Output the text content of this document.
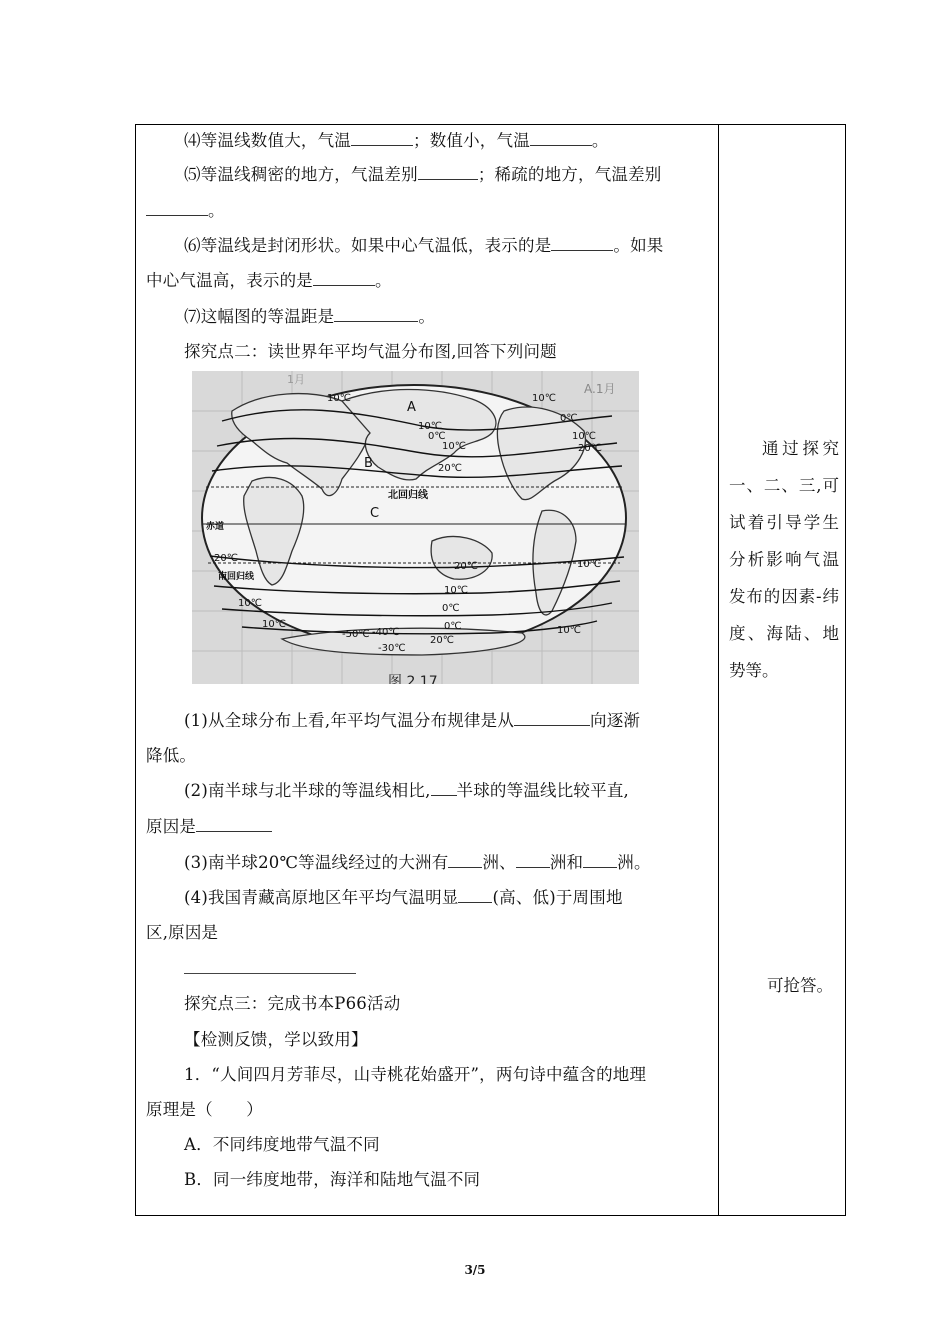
⑷等温线数值大，气温	；数值小，气温	。
⑸等温线稠密的地方，气温差别	；稀疏的地方，气温差别
。
⑹等温线是封闭形状。如果中心气温低，表示的是	。如果
中心气温高，表示的是	。
⑺这幅图的等温距是	。
探究点二：读世界年平均气温分布图,回答下列问题
A.1月
1月
A
B
C
北回归线
赤道
南回归线
10℃
10℃
0℃
10℃
20℃
10℃
0℃
10℃
20℃
20℃
20℃
10℃
10℃	0℃
0℃
10℃
-50℃ -40℃
20℃
-30℃
10℃
10℃
图 2.17
(1)从全球分布上看,年平均气温分布规律是从	向逐渐
降低。
(2)南半球与北半球的等温线相比, 半球的等温线比较平直,
原因是
(3)南半球20℃等温线经过的大洲有 洲、 洲和 洲。
(4)我国青藏高原地区年平均气温明显 (高、低)于周围地
区,原因是
探究点三：完成书本P66活动
【检测反馈，学以致用】
1．“人间四月芳菲尽，山寺桃花始盛开”，两句诗中蕴含的地理
原理是（　　）
A．不同纬度地带气温不同
B．同一纬度地带，海洋和陆地气温不同
通过探究一、二、三,可试着引导学生分析影响气温发布的因素-纬度、海陆、地势等。
可抢答。
3/5
